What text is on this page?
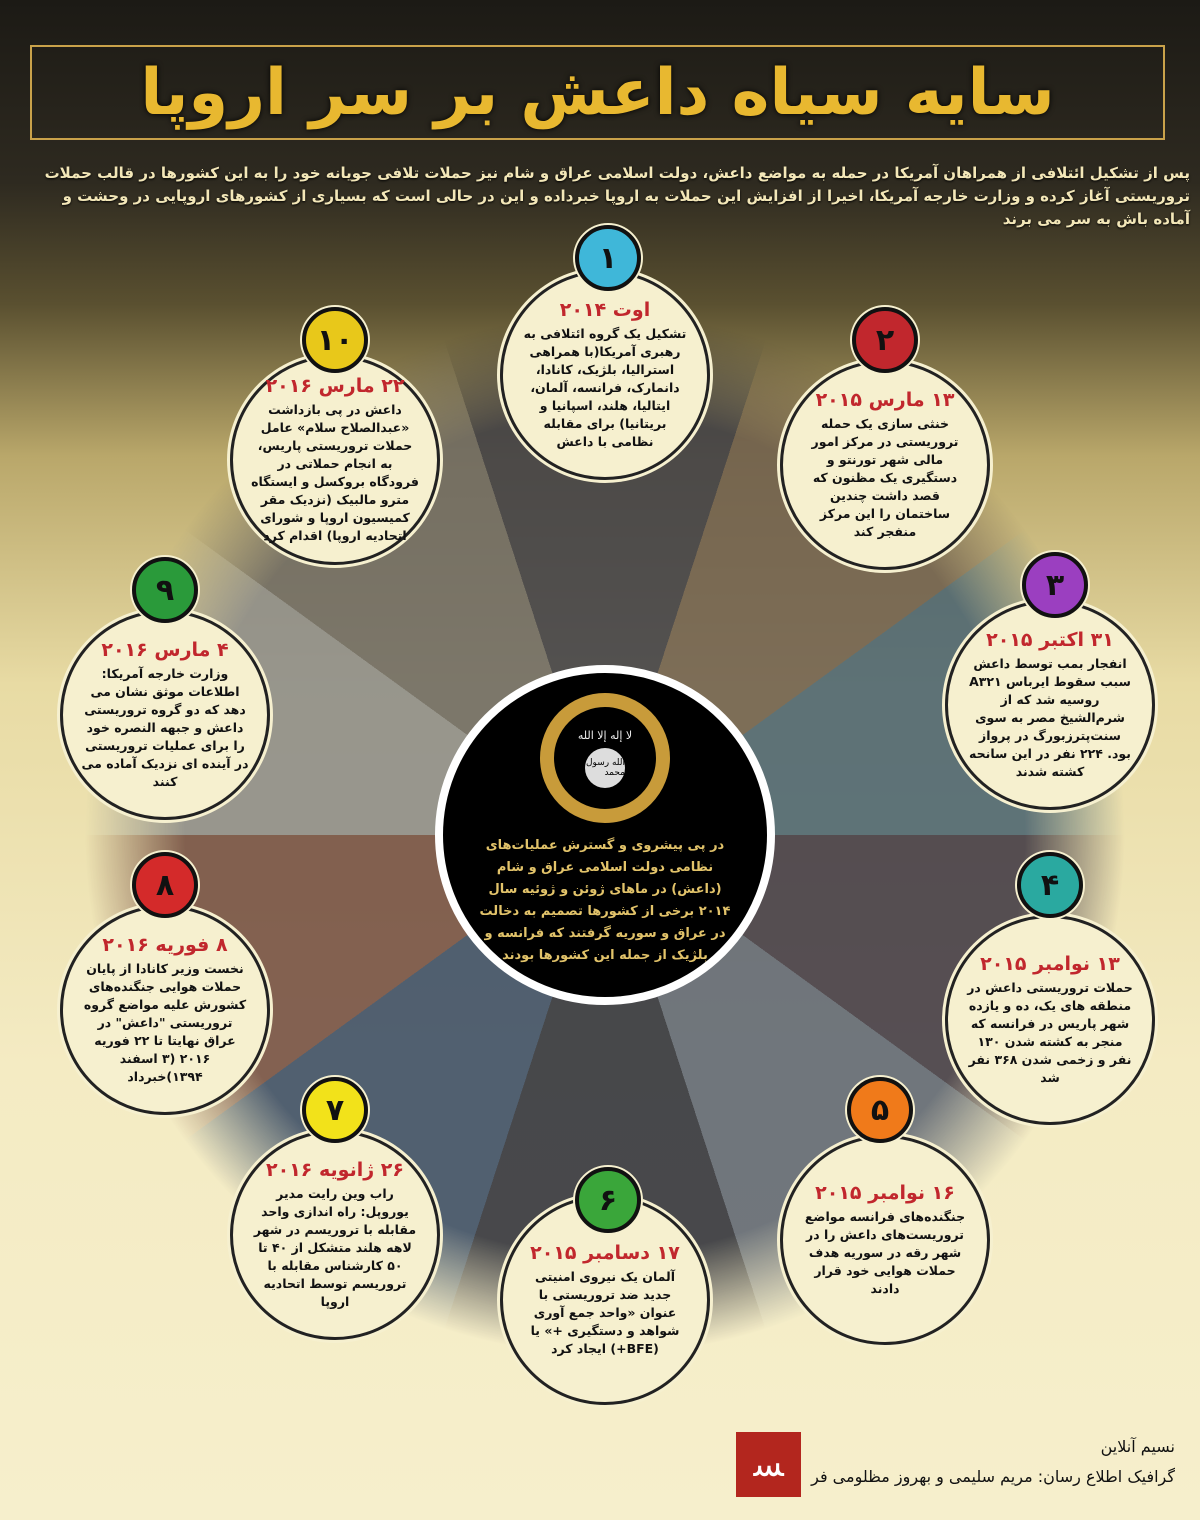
سایه سیاه داعش بر سر اروپا
پس از تشکیل ائتلافی از همراهان آمریکا در حمله به مواضع داعش، دولت اسلامی عراق و شام نیز حملات تلافی جویانه خود را به این کشورها در قالب حملات تروریستی آغاز کرده و وزارت خارجه آمریکا، اخیرا از افزایش این حملات به اروپا خبرداده و این در حالی است که بسیاری از کشورهای اروپایی در وحشت و آماده باش به سر می برند
لا إله إلا الله
الله رسول محمد
در پی پیشروی و گسترش عملیات‌های نظامی دولت اسلامی عراق و شام (داعش) در ماهای ژوئن و ژوئیه سال ۲۰۱۴ برخی از کشورها تصمیم به دخالت در عراق و سوریه گرفتند که فرانسه و بلژیک از جمله این کشورها بودند
اوت ۲۰۱۴
تشکیل یک گروه ائتلافی به رهبری آمریکا(با همراهی استرالیا، بلژیک، کانادا، دانمارک، فرانسه، آلمان، ایتالیا، هلند، اسپانیا و بریتانیا) برای مقابله نظامی با داعش
۱
۱۳ مارس ۲۰۱۵
خنثی سازی یک حمله تروریستی در مرکز امور مالی شهر تورنتو و دستگیری یک مظنون که قصد داشت چندین ساختمان را این مرکز منفجر کند
۲
۳۱ اکتبر ۲۰۱۵
انفجار بمب توسط داعش سبب سقوط ایرباس A۳۲۱ روسیه شد که از شرم‌الشیخ مصر به سوی سنت‌پترزبورگ در پرواز بود. ۲۲۴ نفر در این سانحه کشته شدند
۳
۱۳ نوامبر ۲۰۱۵
حملات تروریستی داعش در منطقه های یک، ده و یازده شهر پاریس در فرانسه که منجر به کشته شدن ۱۳۰ نفر و زخمی شدن ۳۶۸ نفر شد
۴
۱۶ نوامبر ۲۰۱۵
جنگنده‌های فرانسه مواضع تروریست‌های داعش را در شهر رقه در سوریه هدف حملات هوایی خود قرار دادند
۵
۱۷ دسامبر ۲۰۱۵
آلمان یک نیروی امنیتی جدید ضد تروریستی با عنوان «واحد جمع آوری شواهد و دستگیری +» یا (BFE+) ایجاد کرد
۶
۲۶ ژانویه ۲۰۱۶
راب وین رایت مدیر یوروپل: راه اندازی واحد مقابله با تروریسم در شهر لاهه هلند متشکل از ۴۰ تا ۵۰ کارشناس مقابله با تروریسم توسط اتحادیه اروپا
۷
۸ فوریه ۲۰۱۶
نخست وزیر کانادا از پایان حملات هوایی جنگنده‌های کشورش علیه مواضع گروه تروریستی "داعش" در عراق نهایتا تا ۲۲ فوریه ۲۰۱۶ (۳ اسفند ۱۳۹۴)خبرداد
۸
۴ مارس ۲۰۱۶
وزارت خارجه آمریکا: اطلاعات موثق نشان می دهد که دو گروه تروریستی داعش و جبهه النصره خود را برای عملیات تروریستی در آینده ای نزدیک آماده می کنند
۹
۲۲ مارس ۲۰۱۶
داعش در پی بازداشت «عبدالصلاح سلام» عامل حملات تروریستی پاریس، به انجام حملاتی در فرودگاه بروکسل و ایستگاه مترو مالبیک (نزدیک مقر کمیسیون اروپا و شورای اتحادیه اروپا) اقدام کرد
۱۰
نسیم آنلاین
گرافیک اطلاع رسان: مریم سلیمی و بهروز مظلومی فر
ﺴ
